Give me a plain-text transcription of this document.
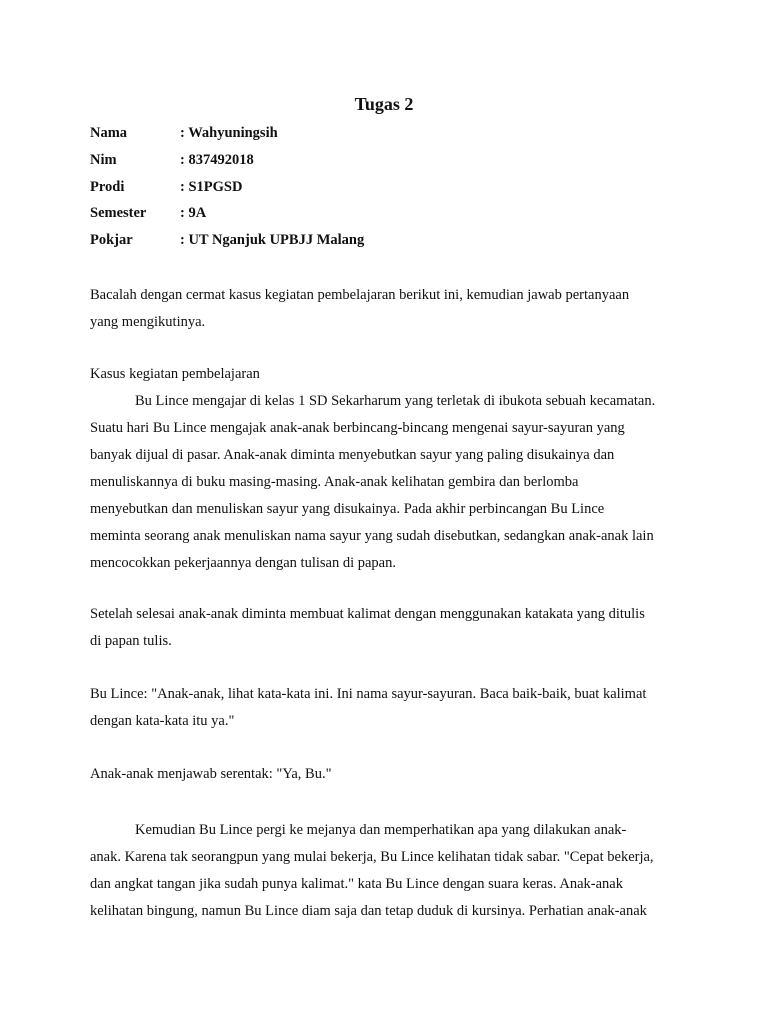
Tugas 2
Nama	: Wahyuningsih
Nim	: 837492018
Prodi	: S1PGSD
Semester	: 9A
Pokjar	: UT Nganjuk UPBJJ Malang
Bacalah dengan cermat kasus kegiatan pembelajaran berikut ini, kemudian jawab pertanyaan
yang mengikutinya.
Kasus kegiatan pembelajaran
Bu Lince mengajar di kelas 1 SD Sekarharum yang terletak di ibukota sebuah kecamatan.
Suatu hari Bu Lince mengajak anak-anak berbincang-bincang mengenai sayur-sayuran yang
banyak dijual di pasar. Anak-anak diminta menyebutkan sayur yang paling disukainya dan
menuliskannya di buku masing-masing. Anak-anak kelihatan gembira dan berlomba
menyebutkan dan menuliskan sayur yang disukainya. Pada akhir perbincangan Bu Lince
meminta seorang anak menuliskan nama sayur yang sudah disebutkan, sedangkan anak-anak lain
mencocokkan pekerjaannya dengan tulisan di papan.
Setelah selesai anak-anak diminta membuat kalimat dengan menggunakan katakata yang ditulis
di papan tulis.
Bu Lince: "Anak-anak, lihat kata-kata ini. Ini nama sayur-sayuran. Baca baik-baik, buat kalimat
dengan kata-kata itu ya."
Anak-anak menjawab serentak: "Ya, Bu."
Kemudian Bu Lince pergi ke mejanya dan memperhatikan apa yang dilakukan anak-
anak. Karena tak seorangpun yang mulai bekerja, Bu Lince kelihatan tidak sabar. "Cepat bekerja,
dan angkat tangan jika sudah punya kalimat." kata Bu Lince dengan suara keras. Anak-anak
kelihatan bingung, namun Bu Lince diam saja dan tetap duduk di kursinya. Perhatian anak-anak
